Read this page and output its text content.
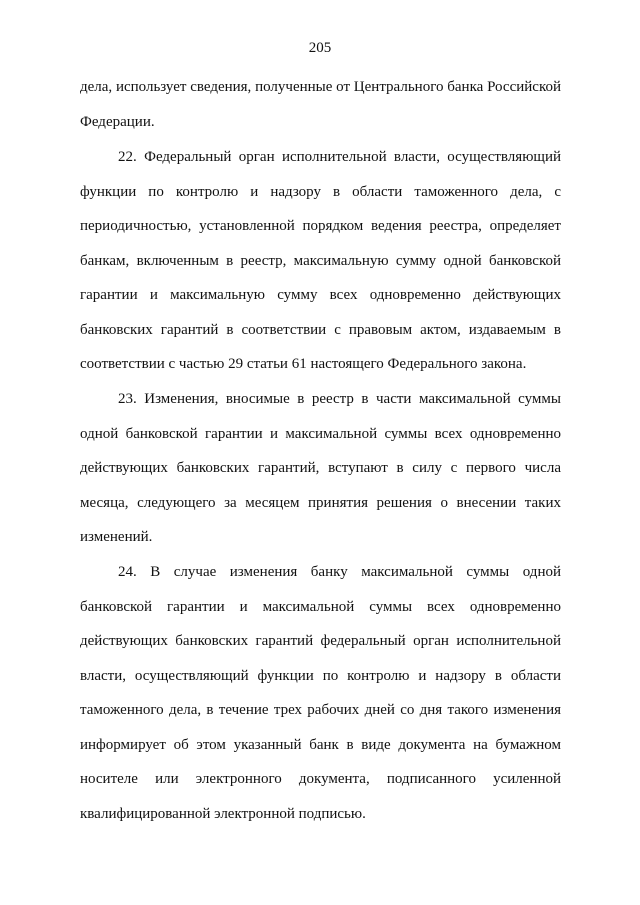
205
дела, использует сведения, полученные от Центрального банка Российской
Федерации.
22. Федеральный орган исполнительной власти, осуществляющий
функции по контролю и надзору в области таможенного дела, с
периодичностью, установленной порядком ведения реестра, определяет
банкам, включенным в реестр, максимальную сумму одной банковской
гарантии и максимальную сумму всех одновременно действующих
банковских гарантий в соответствии с правовым актом, издаваемым в
соответствии с частью 29 статьи 61 настоящего Федерального закона.
23. Изменения, вносимые в реестр в части максимальной суммы
одной банковской гарантии и максимальной суммы всех одновременно
действующих банковских гарантий, вступают в силу с первого числа
месяца, следующего за месяцем принятия решения о внесении таких
изменений.
24. В случае изменения банку максимальной суммы одной
банковской гарантии и максимальной суммы всех одновременно
действующих банковских гарантий федеральный орган исполнительной
власти, осуществляющий функции по контролю и надзору в области
таможенного дела, в течение трех рабочих дней со дня такого изменения
информирует об этом указанный банк в виде документа на бумажном
носителе или электронного документа, подписанного усиленной
квалифицированной электронной подписью.
